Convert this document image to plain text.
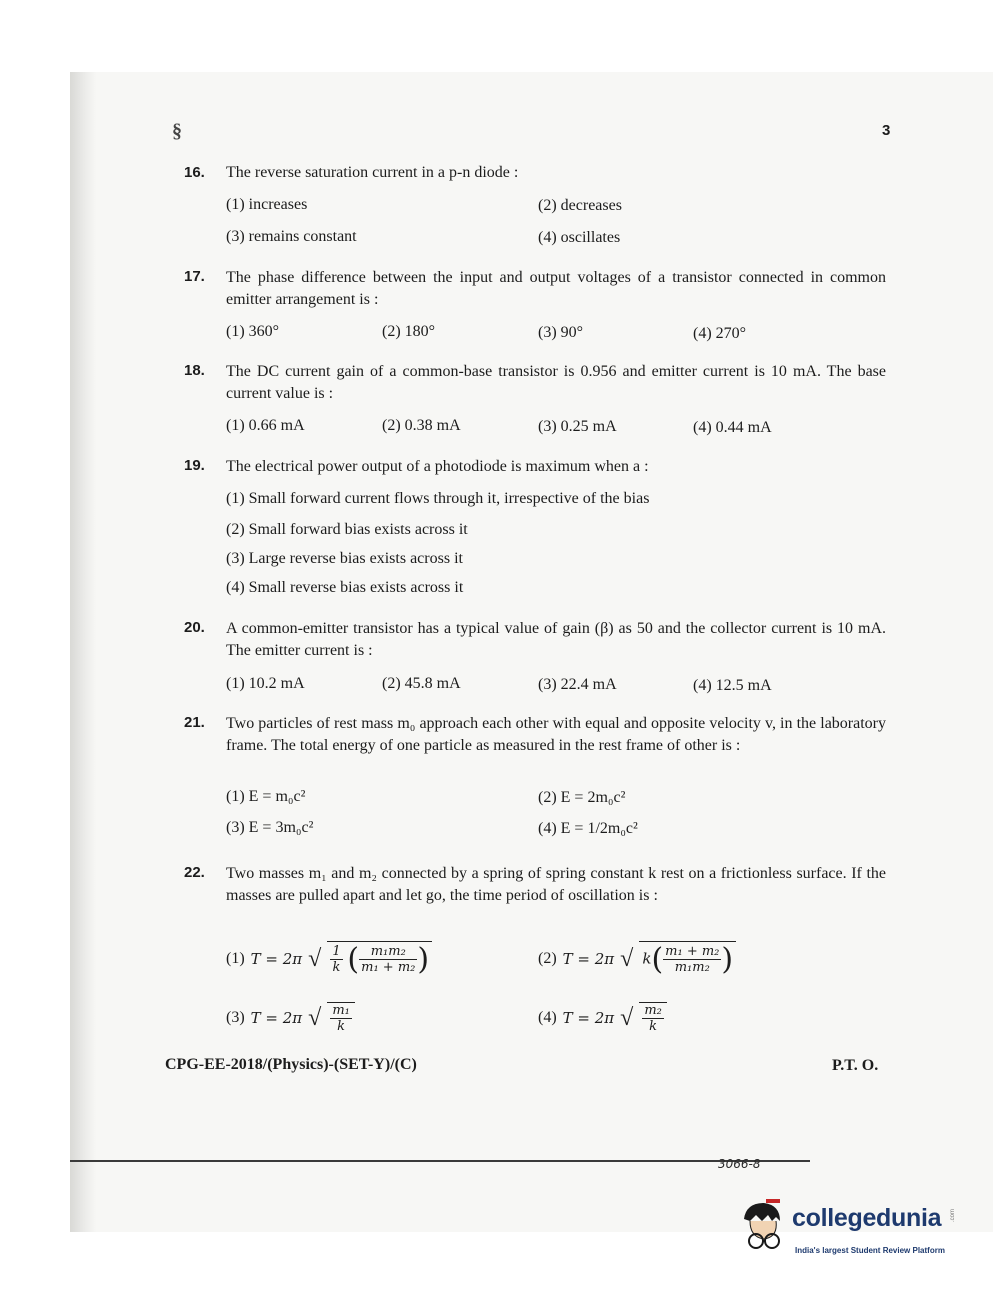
§	3
16. The reverse saturation current in a p-n diode :
(1) increases	(2) decreases
(3) remains constant	(4) oscillates
17. The phase difference between the input and output voltages of a transistor connected in common emitter arrangement is :
(1) 360°	(2) 180°	(3) 90°	(4) 270°
18. The DC current gain of a common-base transistor is 0.956 and emitter current is 10 mA. The base current value is :
(1) 0.66 mA	(2) 0.38 mA	(3) 0.25 mA	(4) 0.44 mA
19. The electrical power output of a photodiode is maximum when a :
(1) Small forward current flows through it, irrespective of the bias
(2) Small forward bias exists across it
(3) Large reverse bias exists across it
(4) Small reverse bias exists across it
20. A common-emitter transistor has a typical value of gain (β) as 50 and the collector current is 10 mA. The emitter current is :
(1) 10.2 mA	(2) 45.8 mA	(3) 22.4 mA	(4) 12.5 mA
21. Two particles of rest mass m₀ approach each other with equal and opposite velocity v, in the laboratory frame. The total energy of one particle as measured in the rest frame of other is :
(1) E = m₀c²	(2) E = 2m₀c²
(3) E = 3m₀c²	(4) E = 1/2m₀c²
22. Two masses m₁ and m₂ connected by a spring of spring constant k rest on a frictionless surface. If the masses are pulled apart and let go, the time period of oscillation is :
(1) T = 2π √ $\frac{1}{k}$ ( $\frac{\text{m₁m₂}}{\text{m₁ + m₂}}$ )	(2) T = 2π √ $k( \frac{\text{m₁ + m₂}}{\text{m₁m₂}}$ )
(3) T = 2π √ $\frac{\text{m₁}}{k}$	(4) T = 2π √ $\frac{\text{m₂}}{k}$
CPG-EE-2018/(Physics)-(SET-Y)/(C)	P.T. O.
3066-8
collegedunia .com
India's largest Student Review Platform
